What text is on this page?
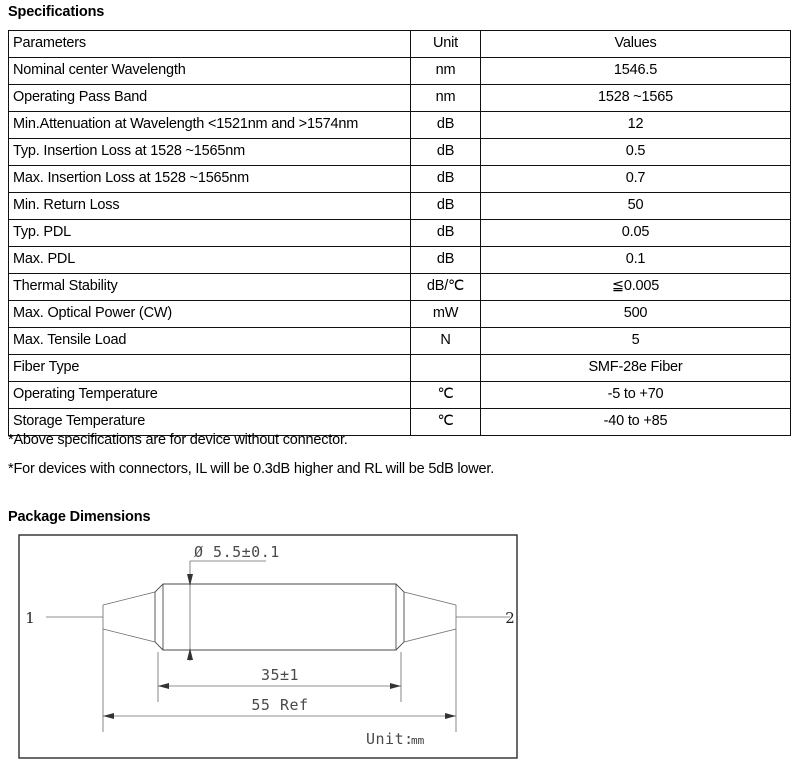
Specifications
Parameters	Unit	Values
Nominal center Wavelength	nm	1546.5
Operating Pass Band	nm	1528 ~1565
Min.Attenuation at Wavelength <1521nm and >1574nm	dB	12
Typ. Insertion Loss at 1528 ~1565nm	dB	0.5
Max. Insertion Loss at 1528 ~1565nm	dB	0.7
Min. Return Loss	dB	50
Typ. PDL	dB	0.05
Max. PDL	dB	0.1
Thermal Stability	dB/℃	≦0.005
Max. Optical Power (CW)	mW	500
Max. Tensile Load	N	5
Fiber Type		SMF-28e Fiber
Operating Temperature	℃	-5 to +70
Storage Temperature	℃	-40 to +85
*Above specifications are for device without connector.
*For devices with connectors, IL will be 0.3dB higher and RL will be 5dB lower.
Package Dimensions
1	2
Ø 5.5±0.1
35±1
55 Ref
Unit:
mm
